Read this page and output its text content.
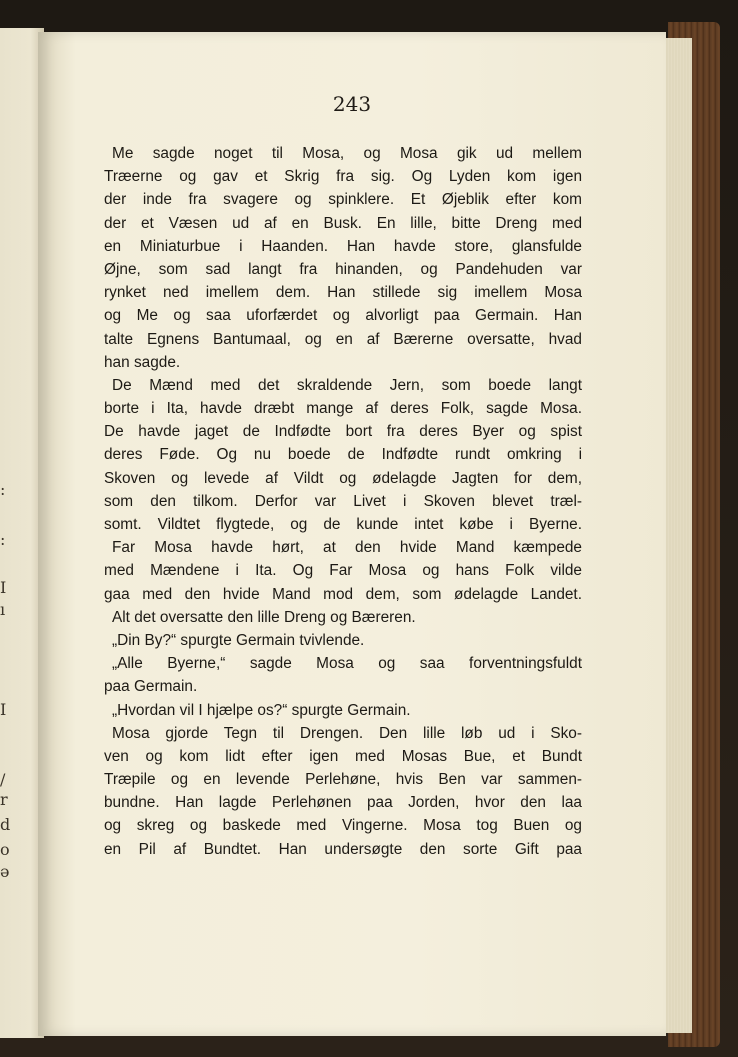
:
:
I
ı
I
/
r
d
o
ə
243
Me sagde noget til Mosa, og Mosa gik ud mellem
Træerne og gav et Skrig fra sig. Og Lyden kom igen
der inde fra svagere og spinklere. Et Øjeblik efter kom
der et Væsen ud af en Busk. En lille, bitte Dreng med
en Miniaturbue i Haanden. Han havde store, glansfulde
Øjne, som sad langt fra hinanden, og Pandehuden var
rynket ned imellem dem. Han stillede sig imellem Mosa
og Me og saa uforfærdet og alvorligt paa Germain. Han
talte Egnens Bantumaal, og en af Bærerne oversatte, hvad
han sagde.
De Mænd med det skraldende Jern, som boede langt
borte i Ita, havde dræbt mange af deres Folk, sagde Mosa.
De havde jaget de Indfødte bort fra deres Byer og spist
deres Føde. Og nu boede de Indfødte rundt omkring i
Skoven og levede af Vildt og ødelagde Jagten for dem,
som den tilkom. Derfor var Livet i Skoven blevet træl-
somt. Vildtet flygtede, og de kunde intet købe i Byerne.
Far Mosa havde hørt, at den hvide Mand kæmpede
med Mændene i Ita. Og Far Mosa og hans Folk vilde
gaa med den hvide Mand mod dem, som ødelagde Landet.
Alt det oversatte den lille Dreng og Bæreren.
„Din By?“ spurgte Germain tvivlende.
„Alle Byerne,“ sagde Mosa og saa forventningsfuldt
paa Germain.
„Hvordan vil I hjælpe os?“ spurgte Germain.
Mosa gjorde Tegn til Drengen. Den lille løb ud i Sko-
ven og kom lidt efter igen med Mosas Bue, et Bundt
Træpile og en levende Perlehøne, hvis Ben var sammen-
bundne. Han lagde Perlehønen paa Jorden, hvor den laa
og skreg og baskede med Vingerne. Mosa tog Buen og
en Pil af Bundtet. Han undersøgte den sorte Gift paa
